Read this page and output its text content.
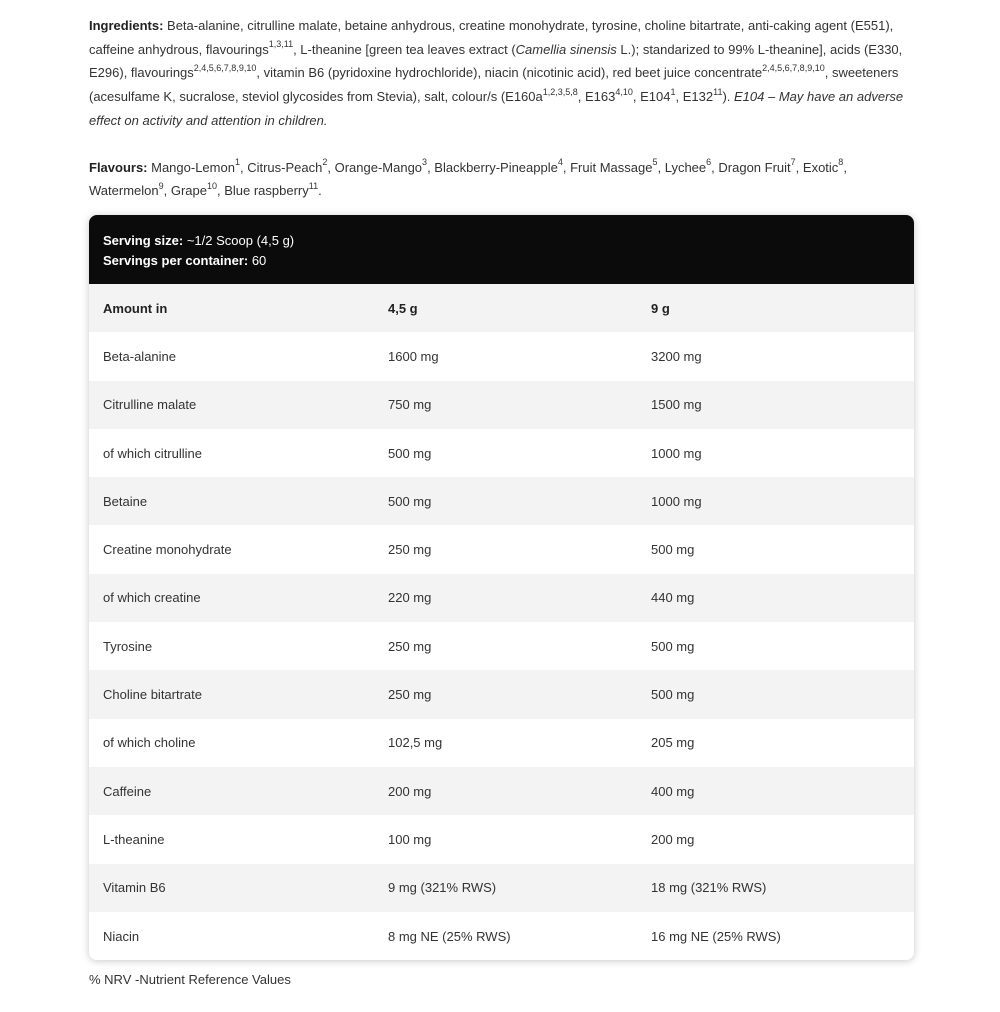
Ingredients: Beta-alanine, citrulline malate, betaine anhydrous, creatine monohydrate, tyrosine, choline bitartrate, anti-caking agent (E551), caffeine anhydrous, flavourings$^{1,3,11}$, L-theanine [green tea leaves extract (Camellia sinensis L.); standarized to 99% L-theanine], acids (E330, E296), flavourings$^{2,4,5,6,7,8,9,10}$, vitamin B6 (pyridoxine hydrochloride), niacin (nicotinic acid), red beet juice concentrate$^{2,4,5,6,7,8,9,10}$, sweeteners (acesulfame K, sucralose, steviol glycosides from Stevia), salt, colour/s ($E160a^{1,2,3,5,8}$, E163$^{4,10}$, $E104^1$, $E132^{11}$). E104 – May have an adverse effect on activity and attention in children.

Flavours: Mango-Lemon$^1$, Citrus-Peach$^2$, Orange-Mango$^3$, Blackberry-Pineapple$^4$, Fruit Massage$^5$, Lychee$^6$, Dragon Fruit$^7$, Exotic$^8$, Watermelon$^9$, Grape$^{10}$, Blue raspberry$^{11}$.

Serving size: ~1/2 Scoop (4,5 g)
Servings per container: 60
Amount in	4,5 g	9 g
Beta-alanine	1600 mg	3200 mg
Citrulline malate	750 mg	1500 mg
of which citrulline	500 mg	1000 mg
Betaine	500 mg	1000 mg
Creatine monohydrate	250 mg	500 mg
of which creatine	220 mg	440 mg
Tyrosine	250 mg	500 mg
Choline bitartrate	250 mg	500 mg
of which choline	102,5 mg	205 mg
Caffeine	200 mg	400 mg
L-theanine	100 mg	200 mg
Vitamin B6	9 mg (321% RWS)	18 mg (321% RWS)
Niacin	8 mg NE (25% RWS)	16 mg NE (25% RWS)
% NRV -Nutrient Reference Values
